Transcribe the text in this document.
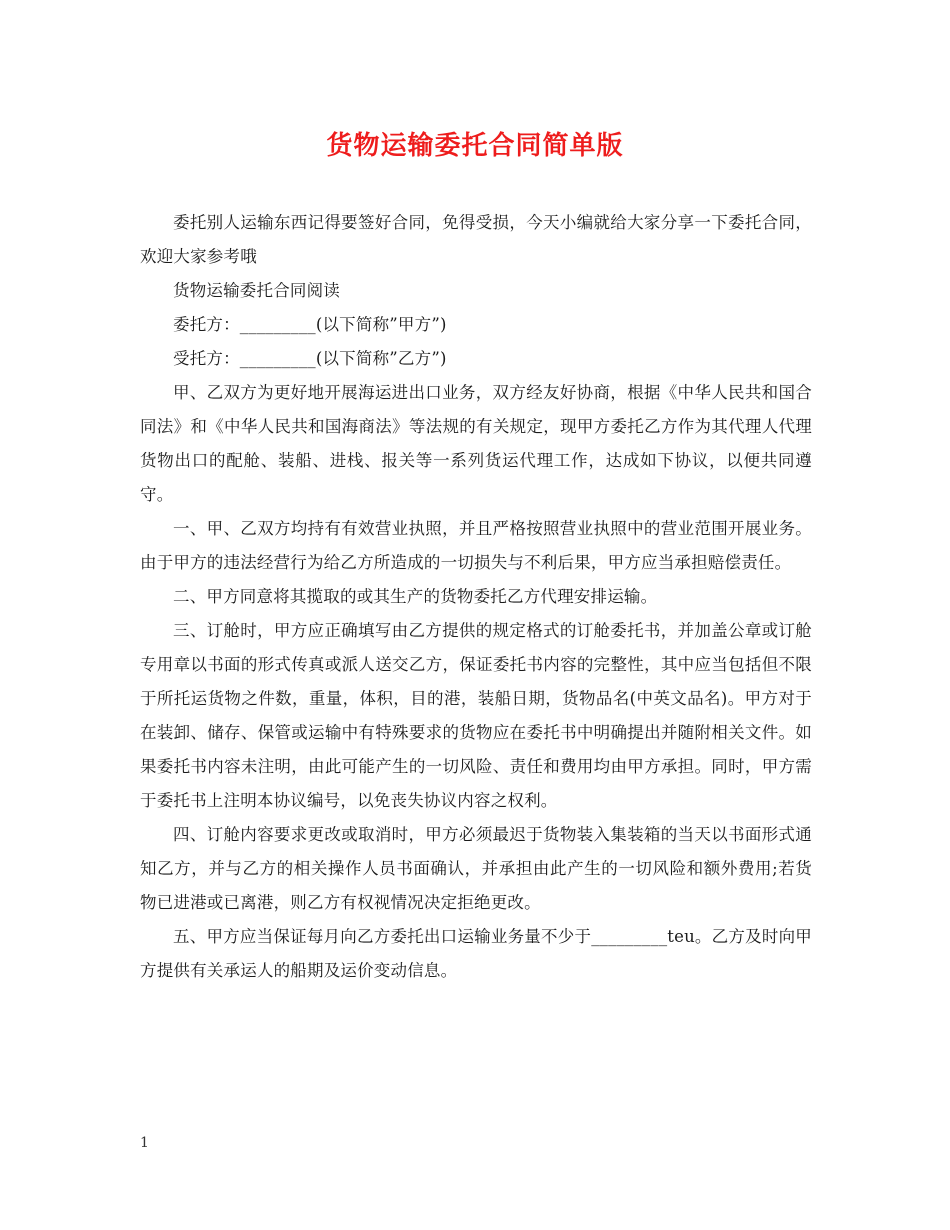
货物运输委托合同简单版

委托别人运输东西记得要签好合同，免得受损，今天小编就给大家分享一下委托合同，欢迎大家参考哦

货物运输委托合同阅读

委托方：_________(以下简称”甲方”)

受托方：_________(以下简称”乙方”)

甲、乙双方为更好地开展海运进出口业务，双方经友好协商，根据《中华人民共和国合同法》和《中华人民共和国海商法》等法规的有关规定，现甲方委托乙方作为其代理人代理货物出口的配舱、装船、进栈、报关等一系列货运代理工作，达成如下协议，以便共同遵守。

一、甲、乙双方均持有有效营业执照，并且严格按照营业执照中的营业范围开展业务。由于甲方的违法经营行为给乙方所造成的一切损失与不利后果，甲方应当承担赔偿责任。

二、甲方同意将其揽取的或其生产的货物委托乙方代理安排运输。

三、订舱时，甲方应正确填写由乙方提供的规定格式的订舱委托书，并加盖公章或订舱专用章以书面的形式传真或派人送交乙方，保证委托书内容的完整性，其中应当包括但不限于所托运货物之件数，重量，体积，目的港，装船日期，货物品名(中英文品名)。甲方对于在装卸、储存、保管或运输中有特殊要求的货物应在委托书中明确提出并随附相关文件。如果委托书内容未注明，由此可能产生的一切风险、责任和费用均由甲方承担。同时，甲方需于委托书上注明本协议编号，以免丧失协议内容之权利。

四、订舱内容要求更改或取消时，甲方必须最迟于货物装入集装箱的当天以书面形式通知乙方，并与乙方的相关操作人员书面确认，并承担由此产生的一切风险和额外费用;若货物已进港或已离港，则乙方有权视情况决定拒绝更改。

五、甲方应当保证每月向乙方委托出口运输业务量不少于_________teu。乙方及时向甲方提供有关承运人的船期及运价变动信息。

1
